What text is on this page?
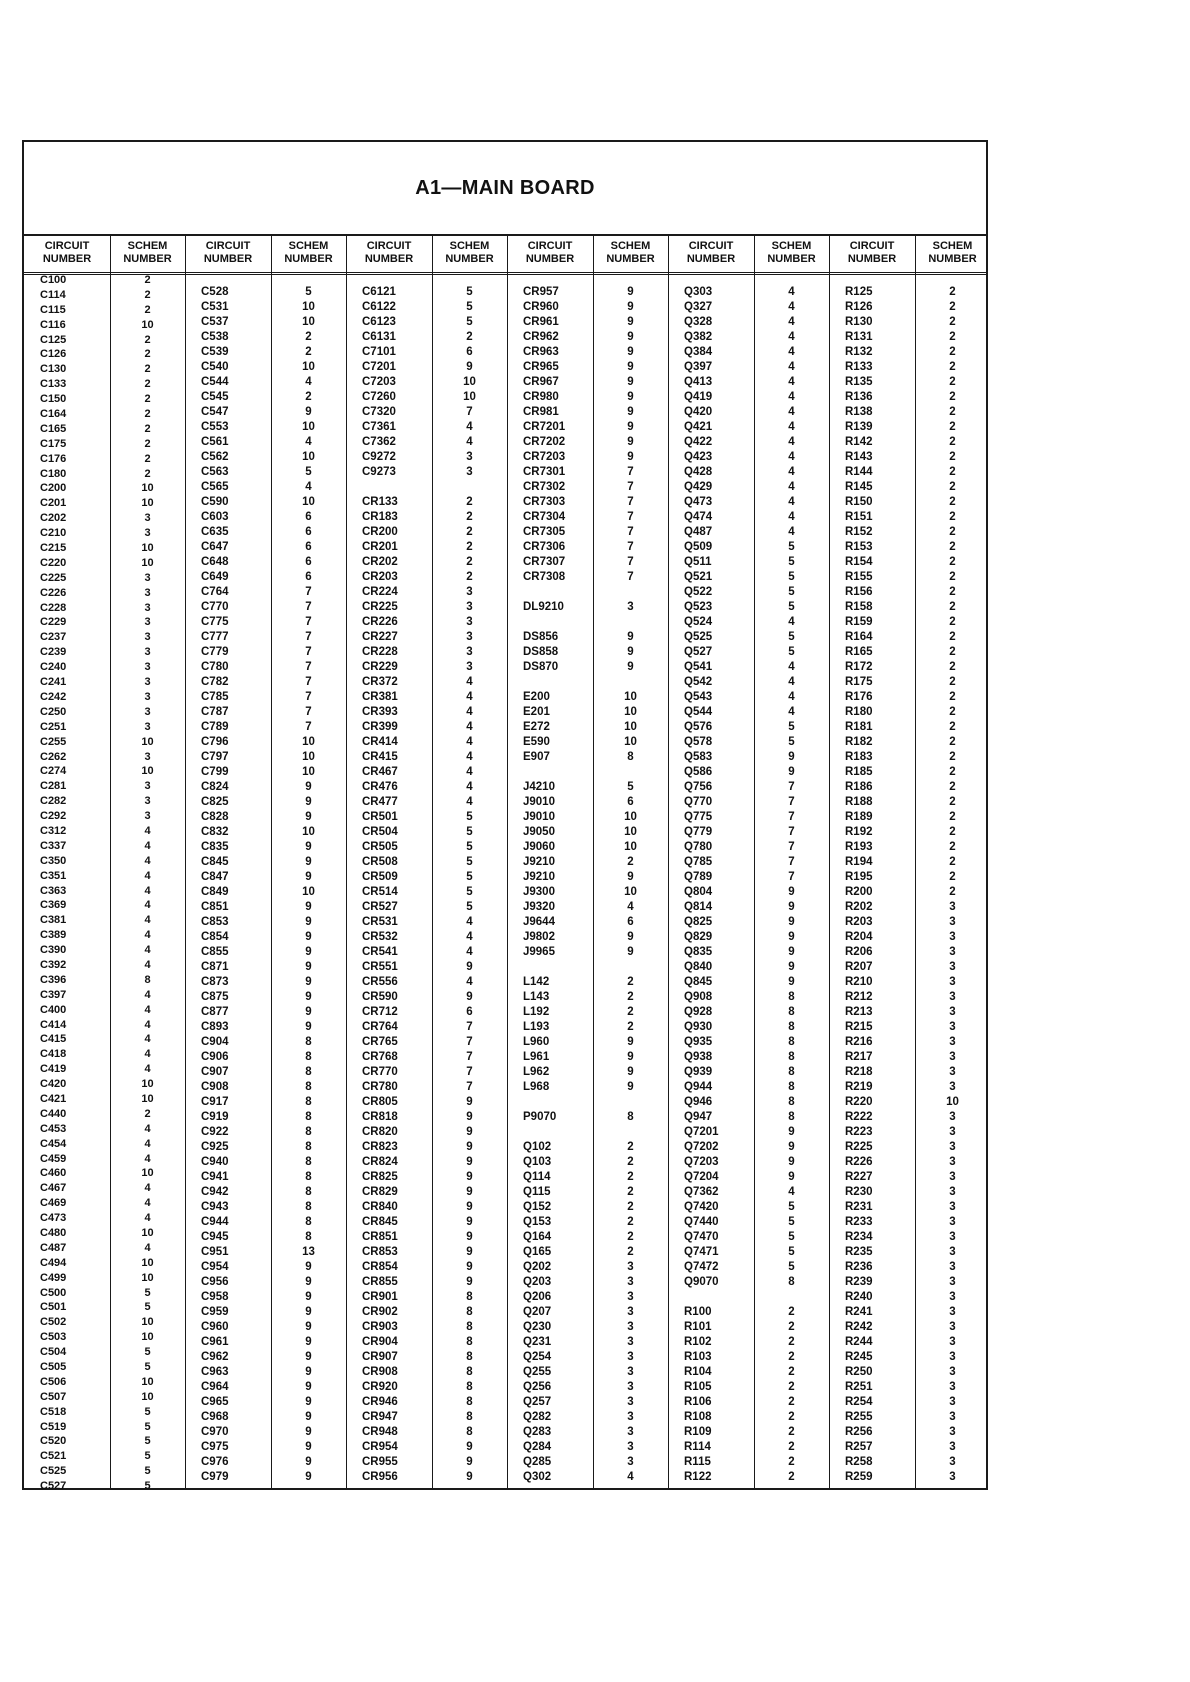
A1—MAIN BOARD
CIRCUIT
NUMBER
SCHEM
NUMBER
CIRCUIT
NUMBER
SCHEM
NUMBER
CIRCUIT
NUMBER
SCHEM
NUMBER
CIRCUIT
NUMBER
SCHEM
NUMBER
CIRCUIT
NUMBER
SCHEM
NUMBER
CIRCUIT
NUMBER
SCHEM
NUMBER
C100
C114
C115
C116
C125
C126
C130
C133
C150
C164
C165
C175
C176
C180
C200
C201
C202
C210
C215
C220
C225
C226
C228
C229
C237
C239
C240
C241
C242
C250
C251
C255
C262
C274
C281
C282
C292
C312
C337
C350
C351
C363
C369
C381
C389
C390
C392
C396
C397
C400
C414
C415
C418
C419
C420
C421
C440
C453
C454
C459
C460
C467
C469
C473
C480
C487
C494
C499
C500
C501
C502
C503
C504
C505
C506
C507
C518
C519
C520
C521
C525
C527
2
2
2
10
2
2
2
2
2
2
2
2
2
2
10
10
3
3
10
10
3
3
3
3
3
3
3
3
3
3
3
10
3
10
3
3
3
4
4
4
4
4
4
4
4
4
4
8
4
4
4
4
4
4
10
10
2
4
4
4
10
4
4
4
10
4
10
10
5
5
10
10
5
5
10
10
5
5
5
5
5
5
C528
C531
C537
C538
C539
C540
C544
C545
C547
C553
C561
C562
C563
C565
C590
C603
C635
C647
C648
C649
C764
C770
C775
C777
C779
C780
C782
C785
C787
C789
C796
C797
C799
C824
C825
C828
C832
C835
C845
C847
C849
C851
C853
C854
C855
C871
C873
C875
C877
C893
C904
C906
C907
C908
C917
C919
C922
C925
C940
C941
C942
C943
C944
C945
C951
C954
C956
C958
C959
C960
C961
C962
C963
C964
C965
C968
C970
C975
C976
C979
5
10
10
2
2
10
4
2
9
10
4
10
5
4
10
6
6
6
6
6
7
7
7
7
7
7
7
7
7
7
10
10
10
9
9
9
10
9
9
9
10
9
9
9
9
9
9
9
9
9
8
8
8
8
8
8
8
8
8
8
8
8
8
8
13
9
9
9
9
9
9
9
9
9
9
9
9
9
9
9
C6121
C6122
C6123
C6131
C7101
C7201
C7203
C7260
C7320
C7361
C7362
C9272
C9273
CR133
CR183
CR200
CR201
CR202
CR203
CR224
CR225
CR226
CR227
CR228
CR229
CR372
CR381
CR393
CR399
CR414
CR415
CR467
CR476
CR477
CR501
CR504
CR505
CR508
CR509
CR514
CR527
CR531
CR532
CR541
CR551
CR556
CR590
CR712
CR764
CR765
CR768
CR770
CR780
CR805
CR818
CR820
CR823
CR824
CR825
CR829
CR840
CR845
CR851
CR853
CR854
CR855
CR901
CR902
CR903
CR904
CR907
CR908
CR920
CR946
CR947
CR948
CR954
CR955
CR956
5
5
5
2
6
9
10
10
7
4
4
3
3
2
2
2
2
2
2
3
3
3
3
3
3
4
4
4
4
4
4
4
4
4
5
5
5
5
5
5
5
4
4
4
9
4
9
6
7
7
7
7
7
9
9
9
9
9
9
9
9
9
9
9
9
9
8
8
8
8
8
8
8
8
8
8
9
9
9
CR957
CR960
CR961
CR962
CR963
CR965
CR967
CR980
CR981
CR7201
CR7202
CR7203
CR7301
CR7302
CR7303
CR7304
CR7305
CR7306
CR7307
CR7308
DL9210
DS856
DS858
DS870
E200
E201
E272
E590
E907
J4210
J9010
J9010
J9050
J9060
J9210
J9210
J9300
J9320
J9644
J9802
J9965
L142
L143
L192
L193
L960
L961
L962
L968
P9070
Q102
Q103
Q114
Q115
Q152
Q153
Q164
Q165
Q202
Q203
Q206
Q207
Q230
Q231
Q254
Q255
Q256
Q257
Q282
Q283
Q284
Q285
Q302
9
9
9
9
9
9
9
9
9
9
9
9
7
7
7
7
7
7
7
7
3
9
9
9
10
10
10
10
8
5
6
10
10
10
2
9
10
4
6
9
9
2
2
2
2
9
9
9
9
8
2
2
2
2
2
2
2
2
3
3
3
3
3
3
3
3
3
3
3
3
3
3
4
Q303
Q327
Q328
Q382
Q384
Q397
Q413
Q419
Q420
Q421
Q422
Q423
Q428
Q429
Q473
Q474
Q487
Q509
Q511
Q521
Q522
Q523
Q524
Q525
Q527
Q541
Q542
Q543
Q544
Q576
Q578
Q583
Q586
Q756
Q770
Q775
Q779
Q780
Q785
Q789
Q804
Q814
Q825
Q829
Q835
Q840
Q845
Q908
Q928
Q930
Q935
Q938
Q939
Q944
Q946
Q947
Q7201
Q7202
Q7203
Q7204
Q7362
Q7420
Q7440
Q7470
Q7471
Q7472
Q9070
R100
R101
R102
R103
R104
R105
R106
R108
R109
R114
R115
R122
4
4
4
4
4
4
4
4
4
4
4
4
4
4
4
4
4
5
5
5
5
5
4
5
5
4
4
4
4
5
5
9
9
7
7
7
7
7
7
7
9
9
9
9
9
9
9
8
8
8
8
8
8
8
8
8
9
9
9
9
4
5
5
5
5
5
8
2
2
2
2
2
2
2
2
2
2
2
2
R125
R126
R130
R131
R132
R133
R135
R136
R138
R139
R142
R143
R144
R145
R150
R151
R152
R153
R154
R155
R156
R158
R159
R164
R165
R172
R175
R176
R180
R181
R182
R183
R185
R186
R188
R189
R192
R193
R194
R195
R200
R202
R203
R204
R206
R207
R210
R212
R213
R215
R216
R217
R218
R219
R220
R222
R223
R225
R226
R227
R230
R231
R233
R234
R235
R236
R239
R240
R241
R242
R244
R245
R250
R251
R254
R255
R256
R257
R258
R259
2
2
2
2
2
2
2
2
2
2
2
2
2
2
2
2
2
2
2
2
2
2
2
2
2
2
2
2
2
2
2
2
2
2
2
2
2
2
2
2
2
3
3
3
3
3
3
3
3
3
3
3
3
3
10
3
3
3
3
3
3
3
3
3
3
3
3
3
3
3
3
3
3
3
3
3
3
3
3
3
